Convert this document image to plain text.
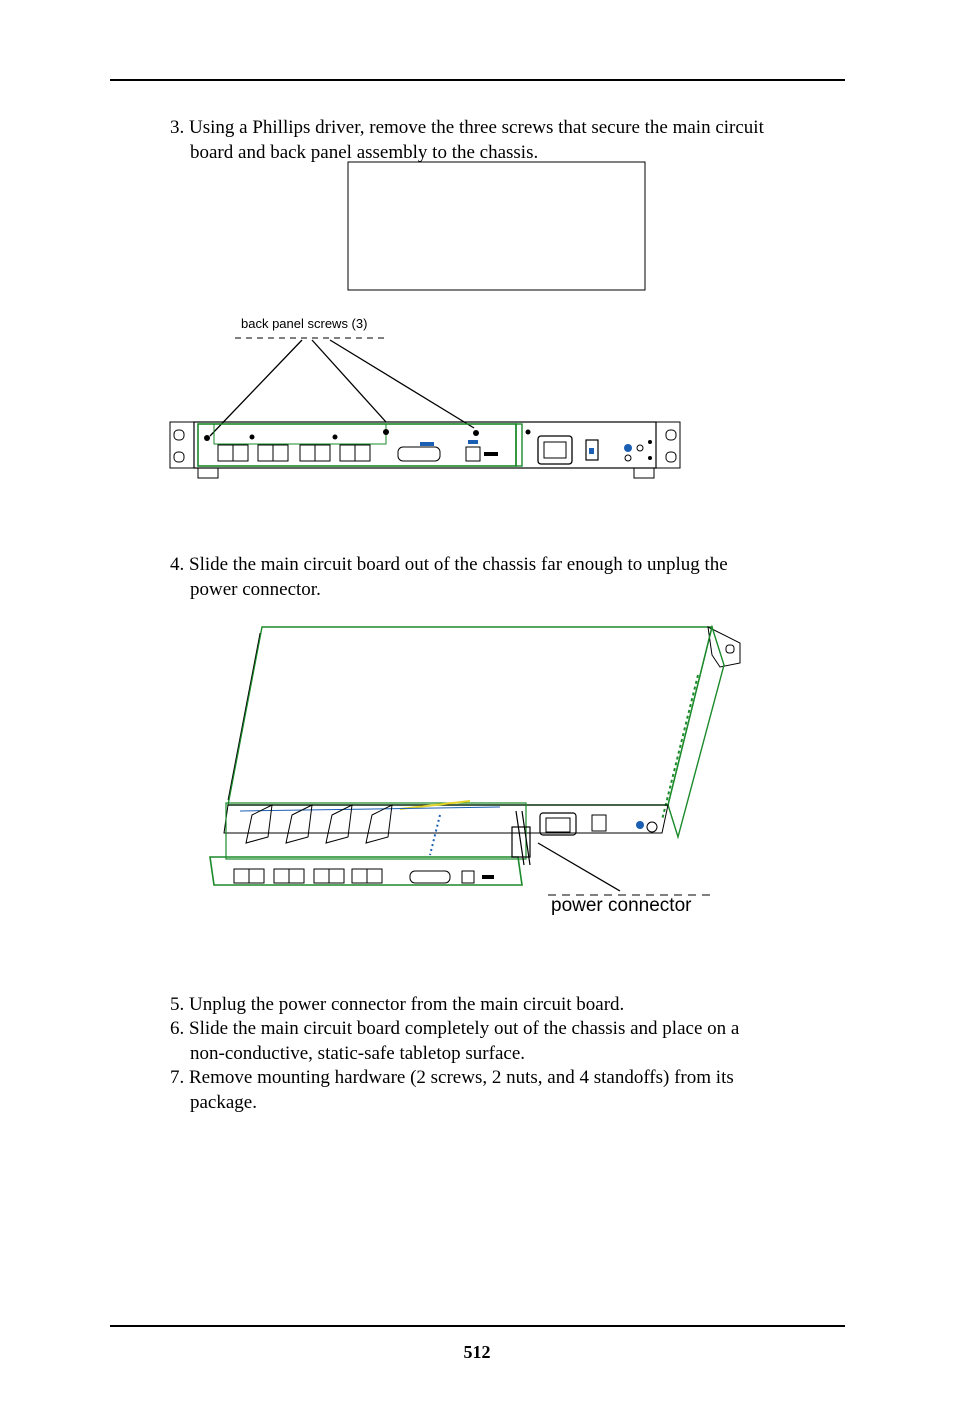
3. Using a Phillips driver, remove the three screws that secure the main circuit
board and back panel assembly to the chassis.
back panel screws (3)
4. Slide the main circuit board out of the chassis far enough to unplug the
power connector.
power connector
5. Unplug the power connector from the main circuit board.
6. Slide the main circuit board completely out of the chassis and place on a
non-conductive, static-safe tabletop surface.
7. Remove mounting hardware (2 screws, 2 nuts, and 4 standoffs) from its
package.
512
